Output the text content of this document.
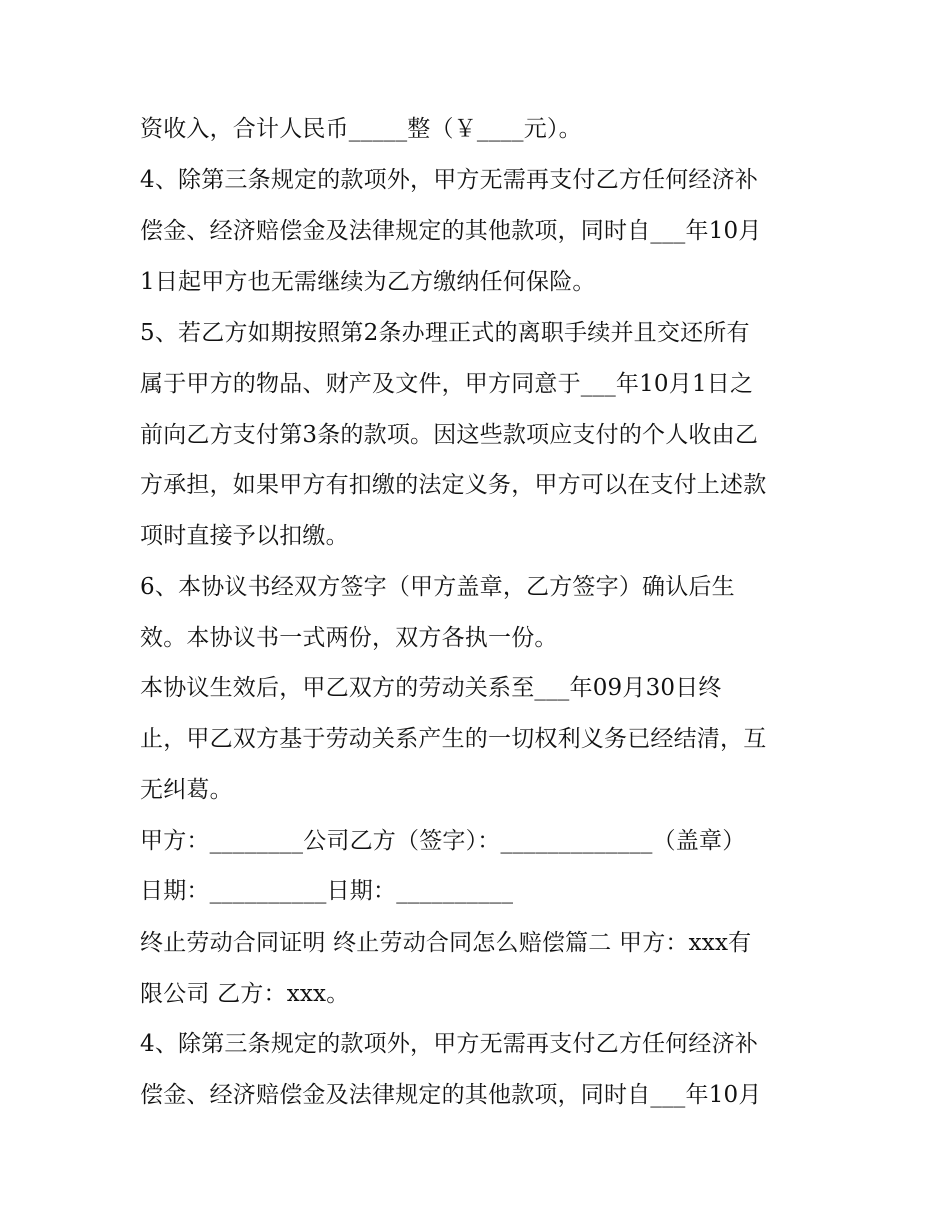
资收入，合计人民币_____整（￥____元）。
4、除第三条规定的款项外，甲方无需再支付乙方任何经济补
偿金、经济赔偿金及法律规定的其他款项，同时自___年10月
1日起甲方也无需继续为乙方缴纳任何保险。
5、若乙方如期按照第2条办理正式的离职手续并且交还所有
属于甲方的物品、财产及文件，甲方同意于___年10月1日之
前向乙方支付第3条的款项。因这些款项应支付的个人收由乙
方承担，如果甲方有扣缴的法定义务，甲方可以在支付上述款
项时直接予以扣缴。
6、本协议书经双方签字（甲方盖章，乙方签字）确认后生
效。本协议书一式两份，双方各执一份。
本协议生效后，甲乙双方的劳动关系至___年09月30日终
止，甲乙双方基于劳动关系产生的一切权利义务已经结清，互
无纠葛。
甲方：________公司乙方（签字）：_____________（盖章）
日期：__________日期：__________
终止劳动合同证明 终止劳动合同怎么赔偿篇二 甲方：xxx有
限公司 乙方：xxx。
4、除第三条规定的款项外，甲方无需再支付乙方任何经济补
偿金、经济赔偿金及法律规定的其他款项，同时自___年10月
